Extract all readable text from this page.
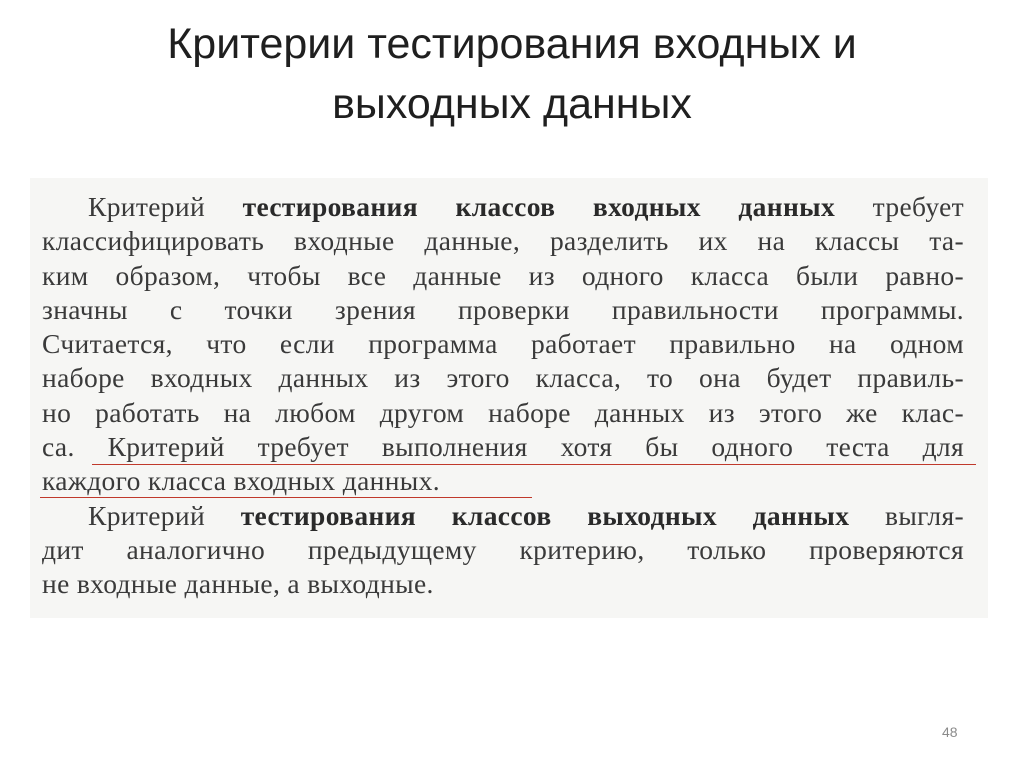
Критерии тестирования входных и
выходных данных
Критерий тестирования классов входных данных требует
классифицировать входные данные, разделить их на классы та-
ким образом, чтобы все данные из одного класса были равно-
значны с точки зрения проверки правильности программы.
Считается, что если программа работает правильно на одном
наборе входных данных из этого класса, то она будет правиль-
но работать на любом другом наборе данных из этого же клас-
са. Критерий требует выполнения хотя бы одного теста для
каждого класса входных данных.
Критерий тестирования классов выходных данных выгля-
дит аналогично предыдущему критерию, только проверяются
не входные данные, а выходные.
48
